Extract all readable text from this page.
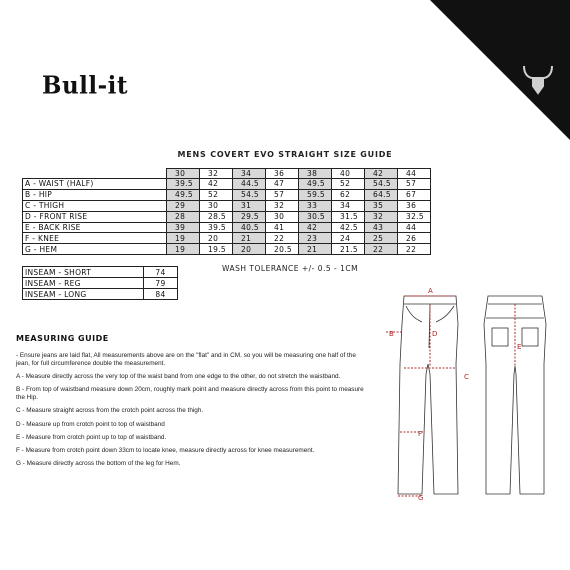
Bull-it
MENS COVERT EVO STRAIGHT SIZE GUIDE
	30	32	34	36	38	40	42	44
A - WAIST (HALF)	39.5	42	44.5	47	49.5	52	54.5	57
B - HIP	49.5	52	54.5	57	59.5	62	64.5	67
C - THIGH	29	30	31	32	33	34	35	36
D - FRONT RISE	28	28.5	29.5	30	30.5	31.5	32	32.5
E - BACK RISE	39	39.5	40.5	41	42	42.5	43	44
F - KNEE	19	20	21	22	23	24	25	26
G - HEM	19	19.5	20	20.5	21	21.5	22	22
INSEAM - SHORT	74
INSEAM - REG	79
INSEAM - LONG	84
WASH TOLERANCE +/- 0.5 - 1CM
MEASURING GUIDE

- Ensure jeans are laid flat, All measurements above are on the "flat" and in CM. so you will be measuring one half of the jean, for full circumference double the measurement.

A - Measure directly across the very top of the waist band from one edge to the other, do not stretch the waistband.

B - From top of waistband measure down 20cm, roughly mark point and measure directly across from this point to measure the Hip.

C - Measure straight across from the crotch point across the thigh.

D - Measure up from crotch point to top of waistband

E - Measure from crotch point up to top of waistband.

F - Measure from crotch point down 33cm to locate knee, measure directly across for knee measurement.

G - Measure directly across the bottom of the leg for Hem.

A
B
C
D
E
F
G
